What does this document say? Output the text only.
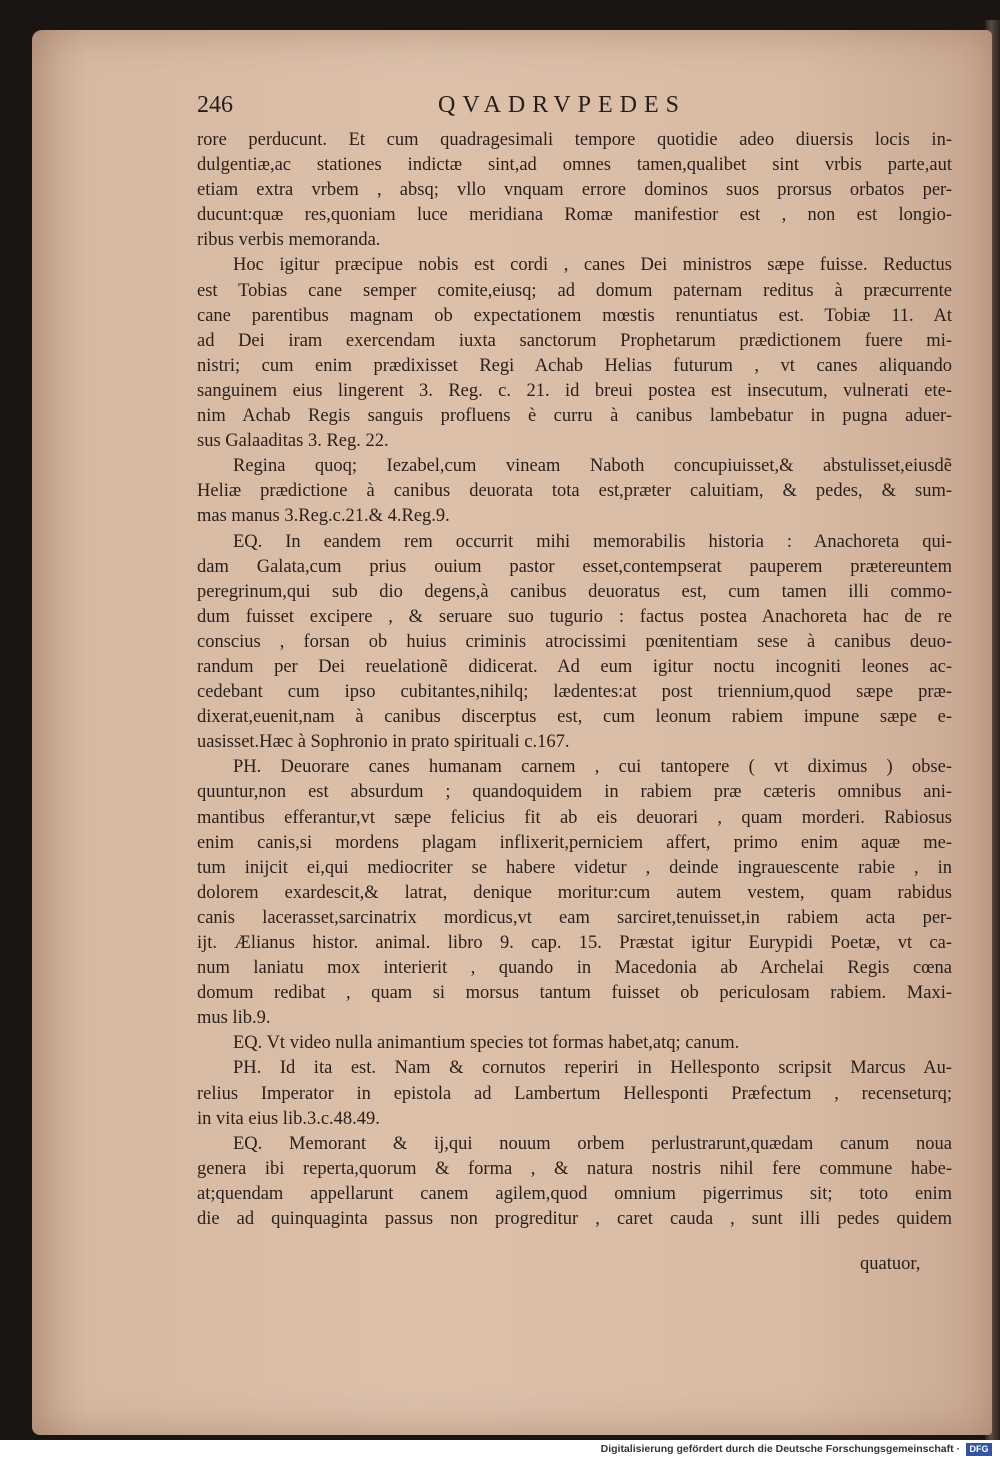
246	QVADRVPEDES
rore perducunt. Et cum quadragesimali tempore quotidie adeo diuersis locis in-
dulgentiæ,ac stationes indictæ sint,ad omnes tamen,qualibet sint vrbis parte,aut
etiam extra vrbem , absq; vllo vnquam errore dominos suos prorsus orbatos per-
ducunt:quæ res,quoniam luce meridiana Romæ manifestior est , non est longio-
ribus verbis memoranda.
Hoc igitur præcipue nobis est cordi , canes Dei ministros sæpe fuisse. Reductus
est Tobias cane semper comite,eiusq; ad domum paternam reditus à præcurrente
cane parentibus magnam ob expectationem mœstis renuntiatus est. Tobiæ 11. At
ad Dei iram exercendam iuxta sanctorum Prophetarum prædictionem fuere mi-
nistri; cum enim prædixisset Regi Achab Helias futurum , vt canes aliquando
sanguinem eius lingerent 3. Reg. c. 21. id breui postea est insecutum, vulnerati ete-
nim Achab Regis sanguis profluens è curru à canibus lambebatur in pugna aduer-
sus Galaaditas 3. Reg. 22.
Regina quoq; Iezabel,cum vineam Naboth concupiuisset,& abstulisset,eiusdẽ
Heliæ prædictione à canibus deuorata tota est,præter caluitiam, & pedes, & sum-
mas manus 3.Reg.c.21.& 4.Reg.9.
EQ. In eandem rem occurrit mihi memorabilis historia : Anachoreta qui-
dam Galata,cum prius ouium pastor esset,contempserat pauperem prætereuntem
peregrinum,qui sub dio degens,à canibus deuoratus est, cum tamen illi commo-
dum fuisset excipere , & seruare suo tugurio : factus postea Anachoreta hac de re
conscius , forsan ob huius criminis atrocissimi pœnitentiam sese à canibus deuo-
randum per Dei reuelationẽ didicerat. Ad eum igitur noctu incogniti leones ac-
cedebant cum ipso cubitantes,nihilq; lædentes:at post triennium,quod sæpe præ-
dixerat,euenit,nam à canibus discerptus est, cum leonum rabiem impune sæpe e-
uasisset.Hæc à Sophronio in prato spirituali c.167.
PH. Deuorare canes humanam carnem , cui tantopere ( vt diximus ) obse-
quuntur,non est absurdum ; quandoquidem in rabiem præ cæteris omnibus ani-
mantibus efferantur,vt sæpe felicius fit ab eis deuorari , quam morderi. Rabiosus
enim canis,si mordens plagam inflixerit,perniciem affert, primo enim aquæ me-
tum inijcit ei,qui mediocriter se habere videtur , deinde ingrauescente rabie , in
dolorem exardescit,& latrat, denique moritur:cum autem vestem, quam rabidus
canis lacerasset,sarcinatrix mordicus,vt eam sarciret,tenuisset,in rabiem acta per-
ijt. Ælianus histor. animal. libro 9. cap. 15. Præstat igitur Eurypidi Poetæ, vt ca-
num laniatu mox interierit , quando in Macedonia ab Archelai Regis cœna
domum redibat , quam si morsus tantum fuisset ob periculosam rabiem. Maxi-
mus lib.9.
EQ. Vt video nulla animantium species tot formas habet,atq; canum.
PH. Id ita est. Nam & cornutos reperiri in Hellesponto scripsit Marcus Au-
relius Imperator in epistola ad Lambertum Hellesponti Præfectum , recenseturq;
in vita eius lib.3.c.48.49.
EQ. Memorant & ij,qui nouum orbem perlustrarunt,quædam canum noua
genera ibi reperta,quorum & forma , & natura nostris nihil fere commune habe-
at;quendam appellarunt canem agilem,quod omnium pigerrimus sit; toto enim
die ad quinquaginta passus non progreditur , caret cauda , sunt illi pedes quidem
quatuor,
Digitalisierung gefördert durch die Deutsche Forschungsgemeinschaft ·	DFG
